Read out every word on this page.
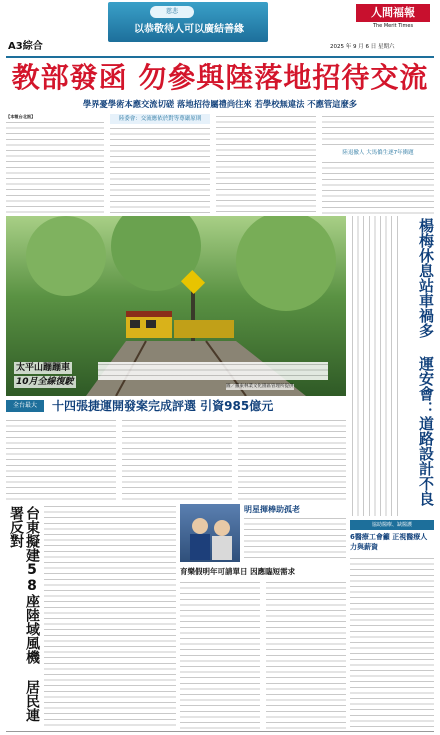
慈悲
以恭敬待人可以廣結善緣
人間福報
The Merit Times
A3綜合	2025 年 9 月 6 日 星期六
教部發函 勿參與陸落地招待交流
學界憂學術本應交流切磋 落地招待屬禮尚往來 若學校無違法 不應管這麼多
【本報台北訊】	陸委會：交流應依於對等尊嚴原則
陸退撤人 大馬僑生逐7年衝題
太平山蹦蹦車
10月全線復駛	圖／羅東林業文化園區管理所提供	楊梅休息站車禍多 運安會：道路設計不良
全台最大	十四張捷運開發案完成評選 引資985億元
台東擬建58座陸域風機 居民連署反對	明星揮棒助孤老
育樂假明年可請單日 因應臨短需求
協助醫療、缺醫護
6醫療工會籲 正視醫療人力與薪資
